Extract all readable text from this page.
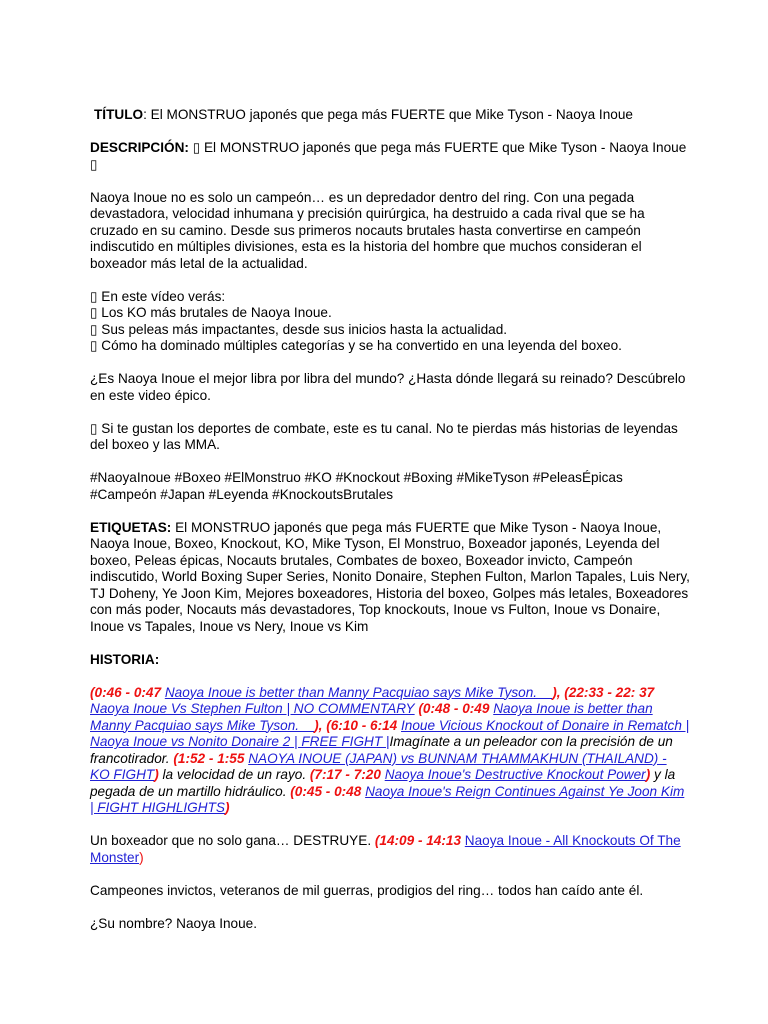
TÍTULO: El MONSTRUO japonés que pega más FUERTE que Mike Tyson - Naoya Inoue

DESCRIPCIÓN: ▯ El MONSTRUO japonés que pega más FUERTE que Mike Tyson - Naoya Inoue ▯

Naoya Inoue no es solo un campeón… es un depredador dentro del ring. Con una pegada devastadora, velocidad inhumana y precisión quirúrgica, ha destruido a cada rival que se ha cruzado en su camino. Desde sus primeros nocauts brutales hasta convertirse en campeón indiscutido en múltiples divisiones, esta es la historia del hombre que muchos consideran el boxeador más letal de la actualidad.

▯ En este vídeo verás:
▯ Los KO más brutales de Naoya Inoue.
▯ Sus peleas más impactantes, desde sus inicios hasta la actualidad.
▯ Cómo ha dominado múltiples categorías y se ha convertido en una leyenda del boxeo.

¿Es Naoya Inoue el mejor libra por libra del mundo? ¿Hasta dónde llegará su reinado? Descúbrelo en este video épico.

▯ Si te gustan los deportes de combate, este es tu canal. No te pierdas más historias de leyendas del boxeo y las MMA.

#NaoyaInoue #Boxeo #ElMonstruo #KO #Knockout #Boxing #MikeTyson #PeleasÉpicas #Campeón #Japan #Leyenda #KnockoutsBrutales

ETIQUETAS: El MONSTRUO japonés que pega más FUERTE que Mike Tyson - Naoya Inoue, Naoya Inoue, Boxeo, Knockout, KO, Mike Tyson, El Monstruo, Boxeador japonés, Leyenda del boxeo, Peleas épicas, Nocauts brutales, Combates de boxeo, Boxeador invicto, Campeón indiscutido, World Boxing Super Series, Nonito Donaire, Stephen Fulton, Marlon Tapales, Luis Nery, TJ Doheny, Ye Joon Kim, Mejores boxeadores, Historia del boxeo, Golpes más letales, Boxeadores con más poder, Nocauts más devastadores, Top knockouts, Inoue vs Fulton, Inoue vs Donaire, Inoue vs Tapales, Inoue vs Nery, Inoue vs Kim

HISTORIA:

(0:46 - 0:47 Naoya Inoue is better than Manny Pacquiao says Mike Tyson.    ), (22:33 - 22: 37 Naoya Inoue Vs Stephen Fulton | NO COMMENTARY (0:48 - 0:49 Naoya Inoue is better than Manny Pacquiao says Mike Tyson.    ), (6:10 - 6:14 Inoue Vicious Knockout of Donaire in Rematch | Naoya Inoue vs Nonito Donaire 2 | FREE FIGHT |Imagínate a un peleador con la precisión de un francotirador. (1:52 - 1:55 NAOYA INOUE (JAPAN) vs BUNNAM THAMMAKHUN (THAILAND) - KO FIGHT) la velocidad de un rayo. (7:17 - 7:20 Naoya Inoue's Destructive Knockout Power) y la pegada de un martillo hidráulico. (0:45 - 0:48 Naoya Inoue's Reign Continues Against Ye Joon Kim | FIGHT HIGHLIGHTS)

Un boxeador que no solo gana… DESTRUYE. (14:09 - 14:13 Naoya Inoue - All Knockouts Of The Monster)

Campeones invictos, veteranos de mil guerras, prodigios del ring… todos han caído ante él.

¿Su nombre? Naoya Inoue.
